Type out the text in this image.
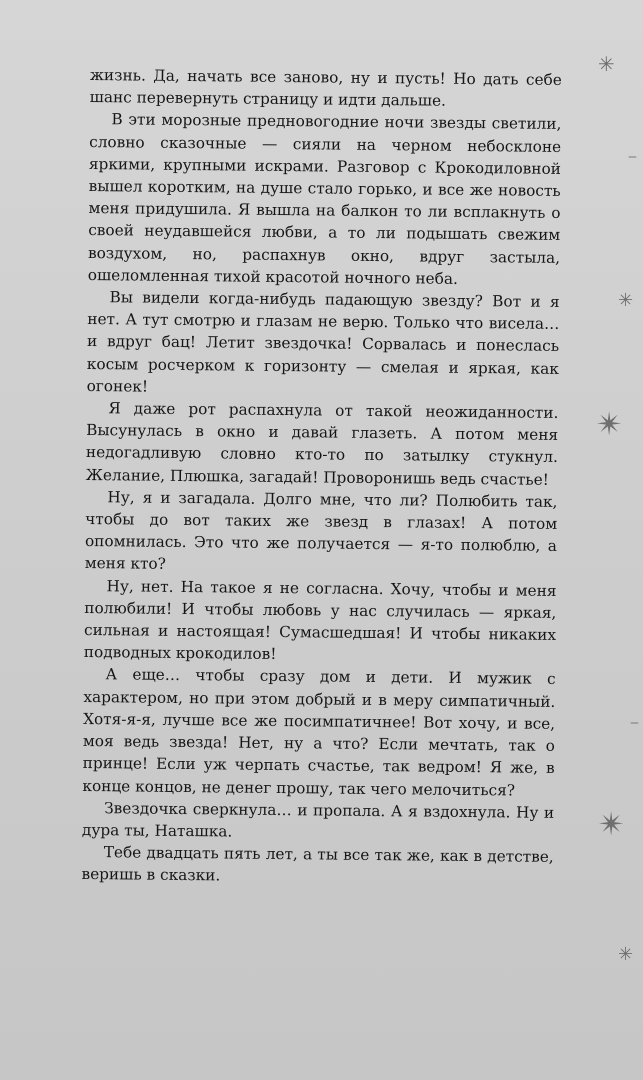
жизнь. Да, начать все заново, ну и пусть! Но дать себе шанс перевернуть страницу и идти дальше.

В эти морозные предновогодние ночи звезды светили, словно сказочные — сияли на черном небосклоне яркими, крупными искрами. Разговор с Крокодиловной вышел коротким, на душе стало горько, и все же новость меня придушила. Я вышла на балкон то ли всплакнуть о своей неудавшейся любви, а то ли подышать свежим воздухом, но, распахнув окно, вдруг застыла, ошеломленная тихой красотой ночного неба.

Вы видели когда-нибудь падающую звезду? Вот и я нет. А тут смотрю и глазам не верю. Только что висела… и вдруг бац! Летит звездочка! Сорвалась и понеслась косым росчерком к горизонту — смелая и яркая, как огонек!

Я даже рот распахнула от такой неожиданности. Высунулась в окно и давай глазеть. А потом меня недогадливую словно кто-то по затылку стукнул. Желание, Плюшка, загадай! Проворонишь ведь счастье!

Ну, я и загадала. Долго мне, что ли? Полюбить так, чтобы до вот таких же звезд в глазах! А потом опомнилась. Это что же получается — я-то полюблю, а меня кто?

Ну, нет. На такое я не согласна. Хочу, чтобы и меня полюбили! И чтобы любовь у нас случилась — яркая, сильная и настоящая! Сумасшедшая! И чтобы никаких подводных крокодилов!

А еще… чтобы сразу дом и дети. И мужик с характером, но при этом добрый и в меру симпатичный. Хотя-я-я, лучше все же посимпатичнее! Вот хочу, и все, моя ведь звезда! Нет, ну а что? Если мечтать, так о принце! Если уж черпать счастье, так ведром! Я же, в конце концов, не денег прошу, так чего мелочиться?

Звездочка сверкнула… и пропала. А я вздохнула. Ну и дура ты, Наташка.

Тебе двадцать пять лет, а ты все так же, как в детстве, веришь в сказки.

✳
‒
✳
✴
‒
✴
✳
